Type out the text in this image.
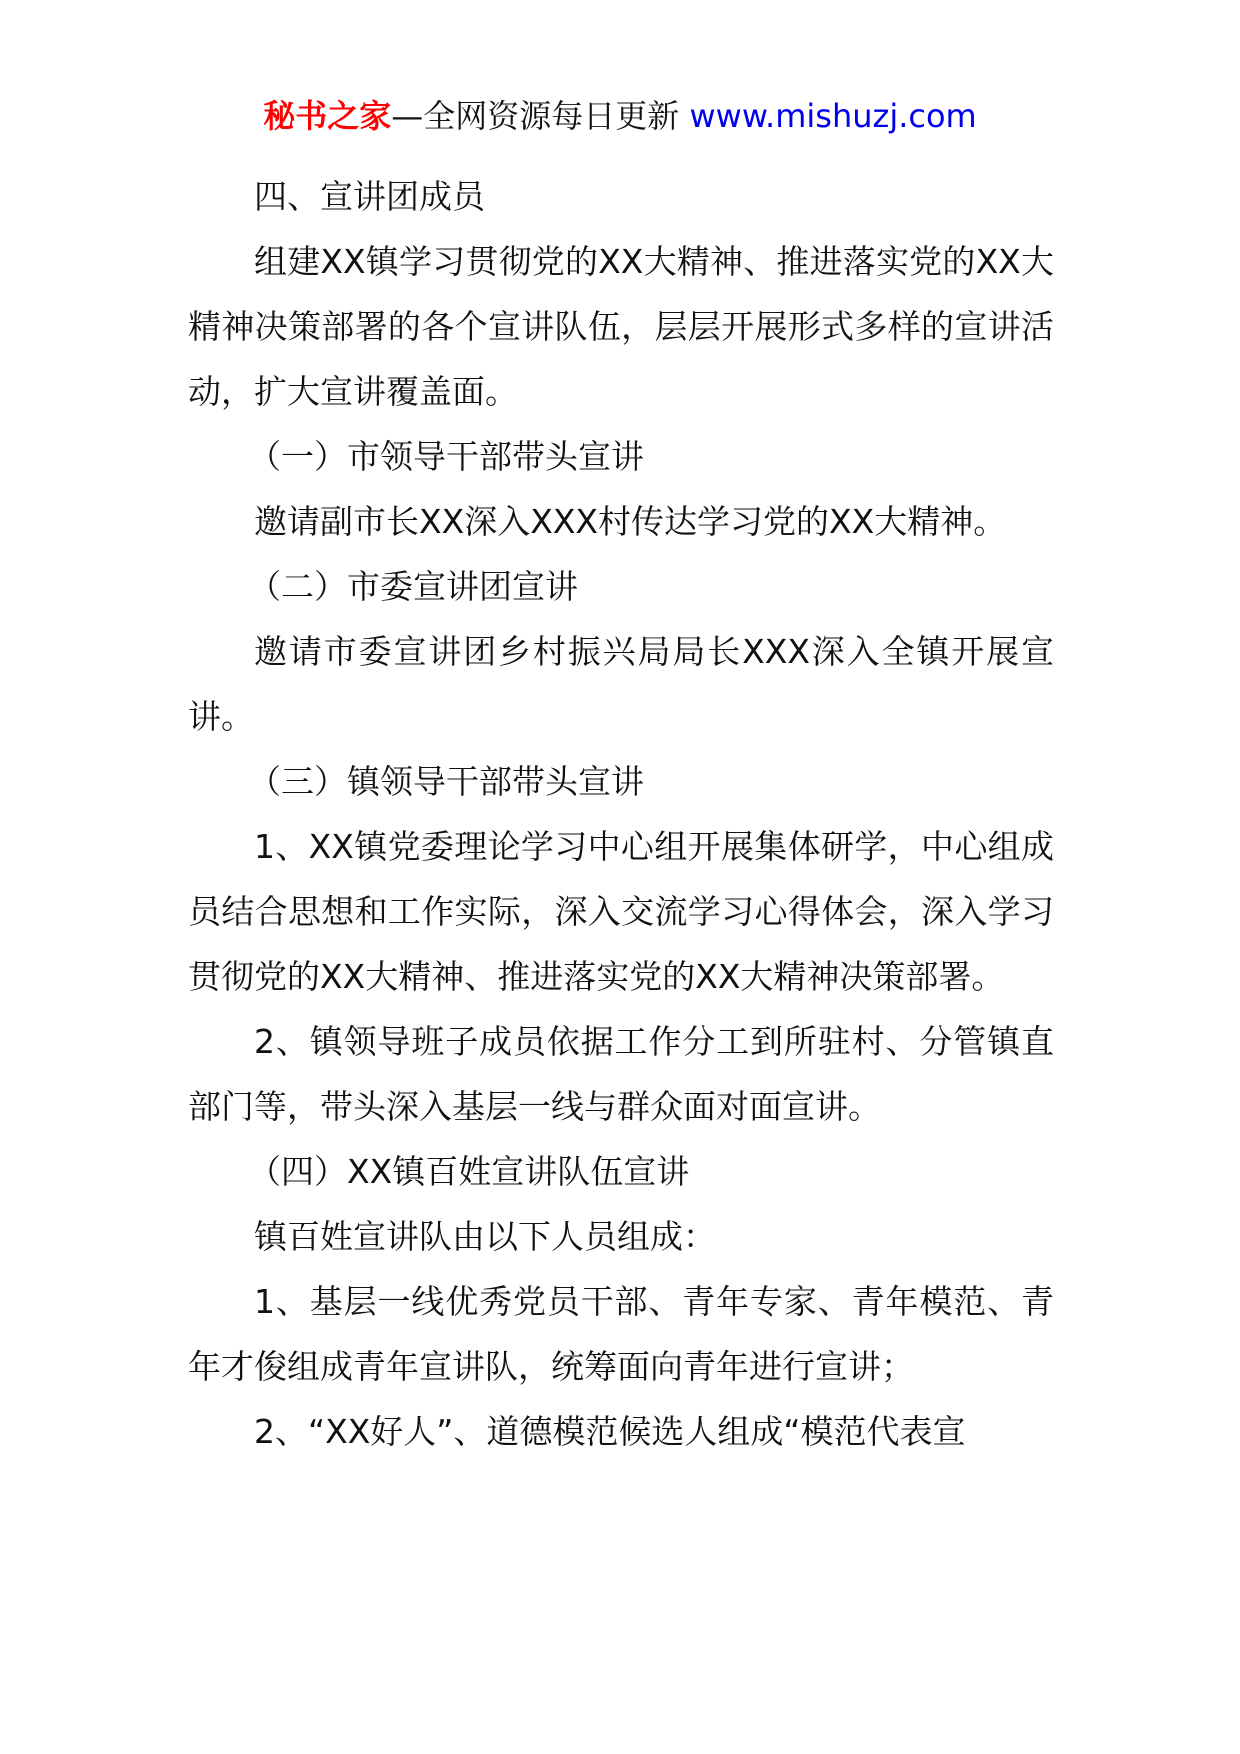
秘书之家—全网资源每日更新 www.mishuzj.com

四、宣讲团成员

组建XX镇学习贯彻党的XX大精神、推进落实党的XX大精神决策部署的各个宣讲队伍，层层开展形式多样的宣讲活动，扩大宣讲覆盖面。

（一）市领导干部带头宣讲

邀请副市长XX深入XXX村传达学习党的XX大精神。

（二）市委宣讲团宣讲

邀请市委宣讲团乡村振兴局局长XXX深入全镇开展宣讲。

（三）镇领导干部带头宣讲

1、XX镇党委理论学习中心组开展集体研学，中心组成员结合思想和工作实际，深入交流学习心得体会，深入学习贯彻党的XX大精神、推进落实党的XX大精神决策部署。

2、镇领导班子成员依据工作分工到所驻村、分管镇直部门等，带头深入基层一线与群众面对面宣讲。

（四）XX镇百姓宣讲队伍宣讲

镇百姓宣讲队由以下人员组成：

1、基层一线优秀党员干部、青年专家、青年模范、青年才俊组成青年宣讲队，统筹面向青年进行宣讲；

2、“XX好人”、道德模范候选人组成“模范代表宣
